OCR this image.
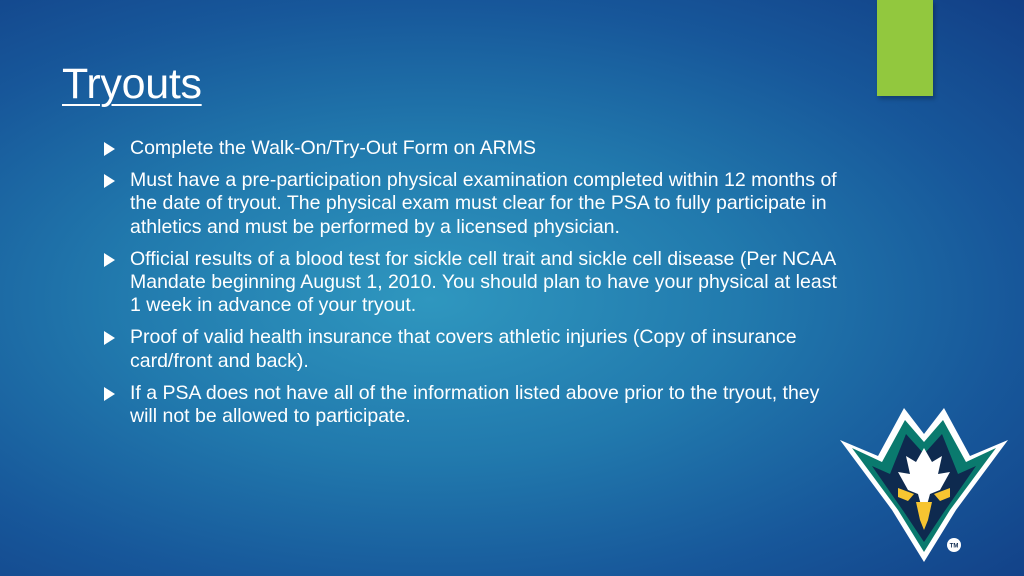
Tryouts
Complete the Walk-On/Try-Out Form on ARMS
Must have a pre-participation physical examination completed within 12 months of the date of tryout. The physical exam must clear for the PSA to fully participate in athletics and must be performed by a licensed physician.
Official results of a blood test for sickle cell trait and sickle cell disease (Per NCAA Mandate beginning August 1, 2010. You should plan to have your physical at least 1 week in advance of your tryout.
Proof of valid health insurance that covers athletic injuries (Copy of insurance card/front and back).
If a PSA does not have all of the information listed above prior to the tryout, they will not be allowed to participate.
TM
